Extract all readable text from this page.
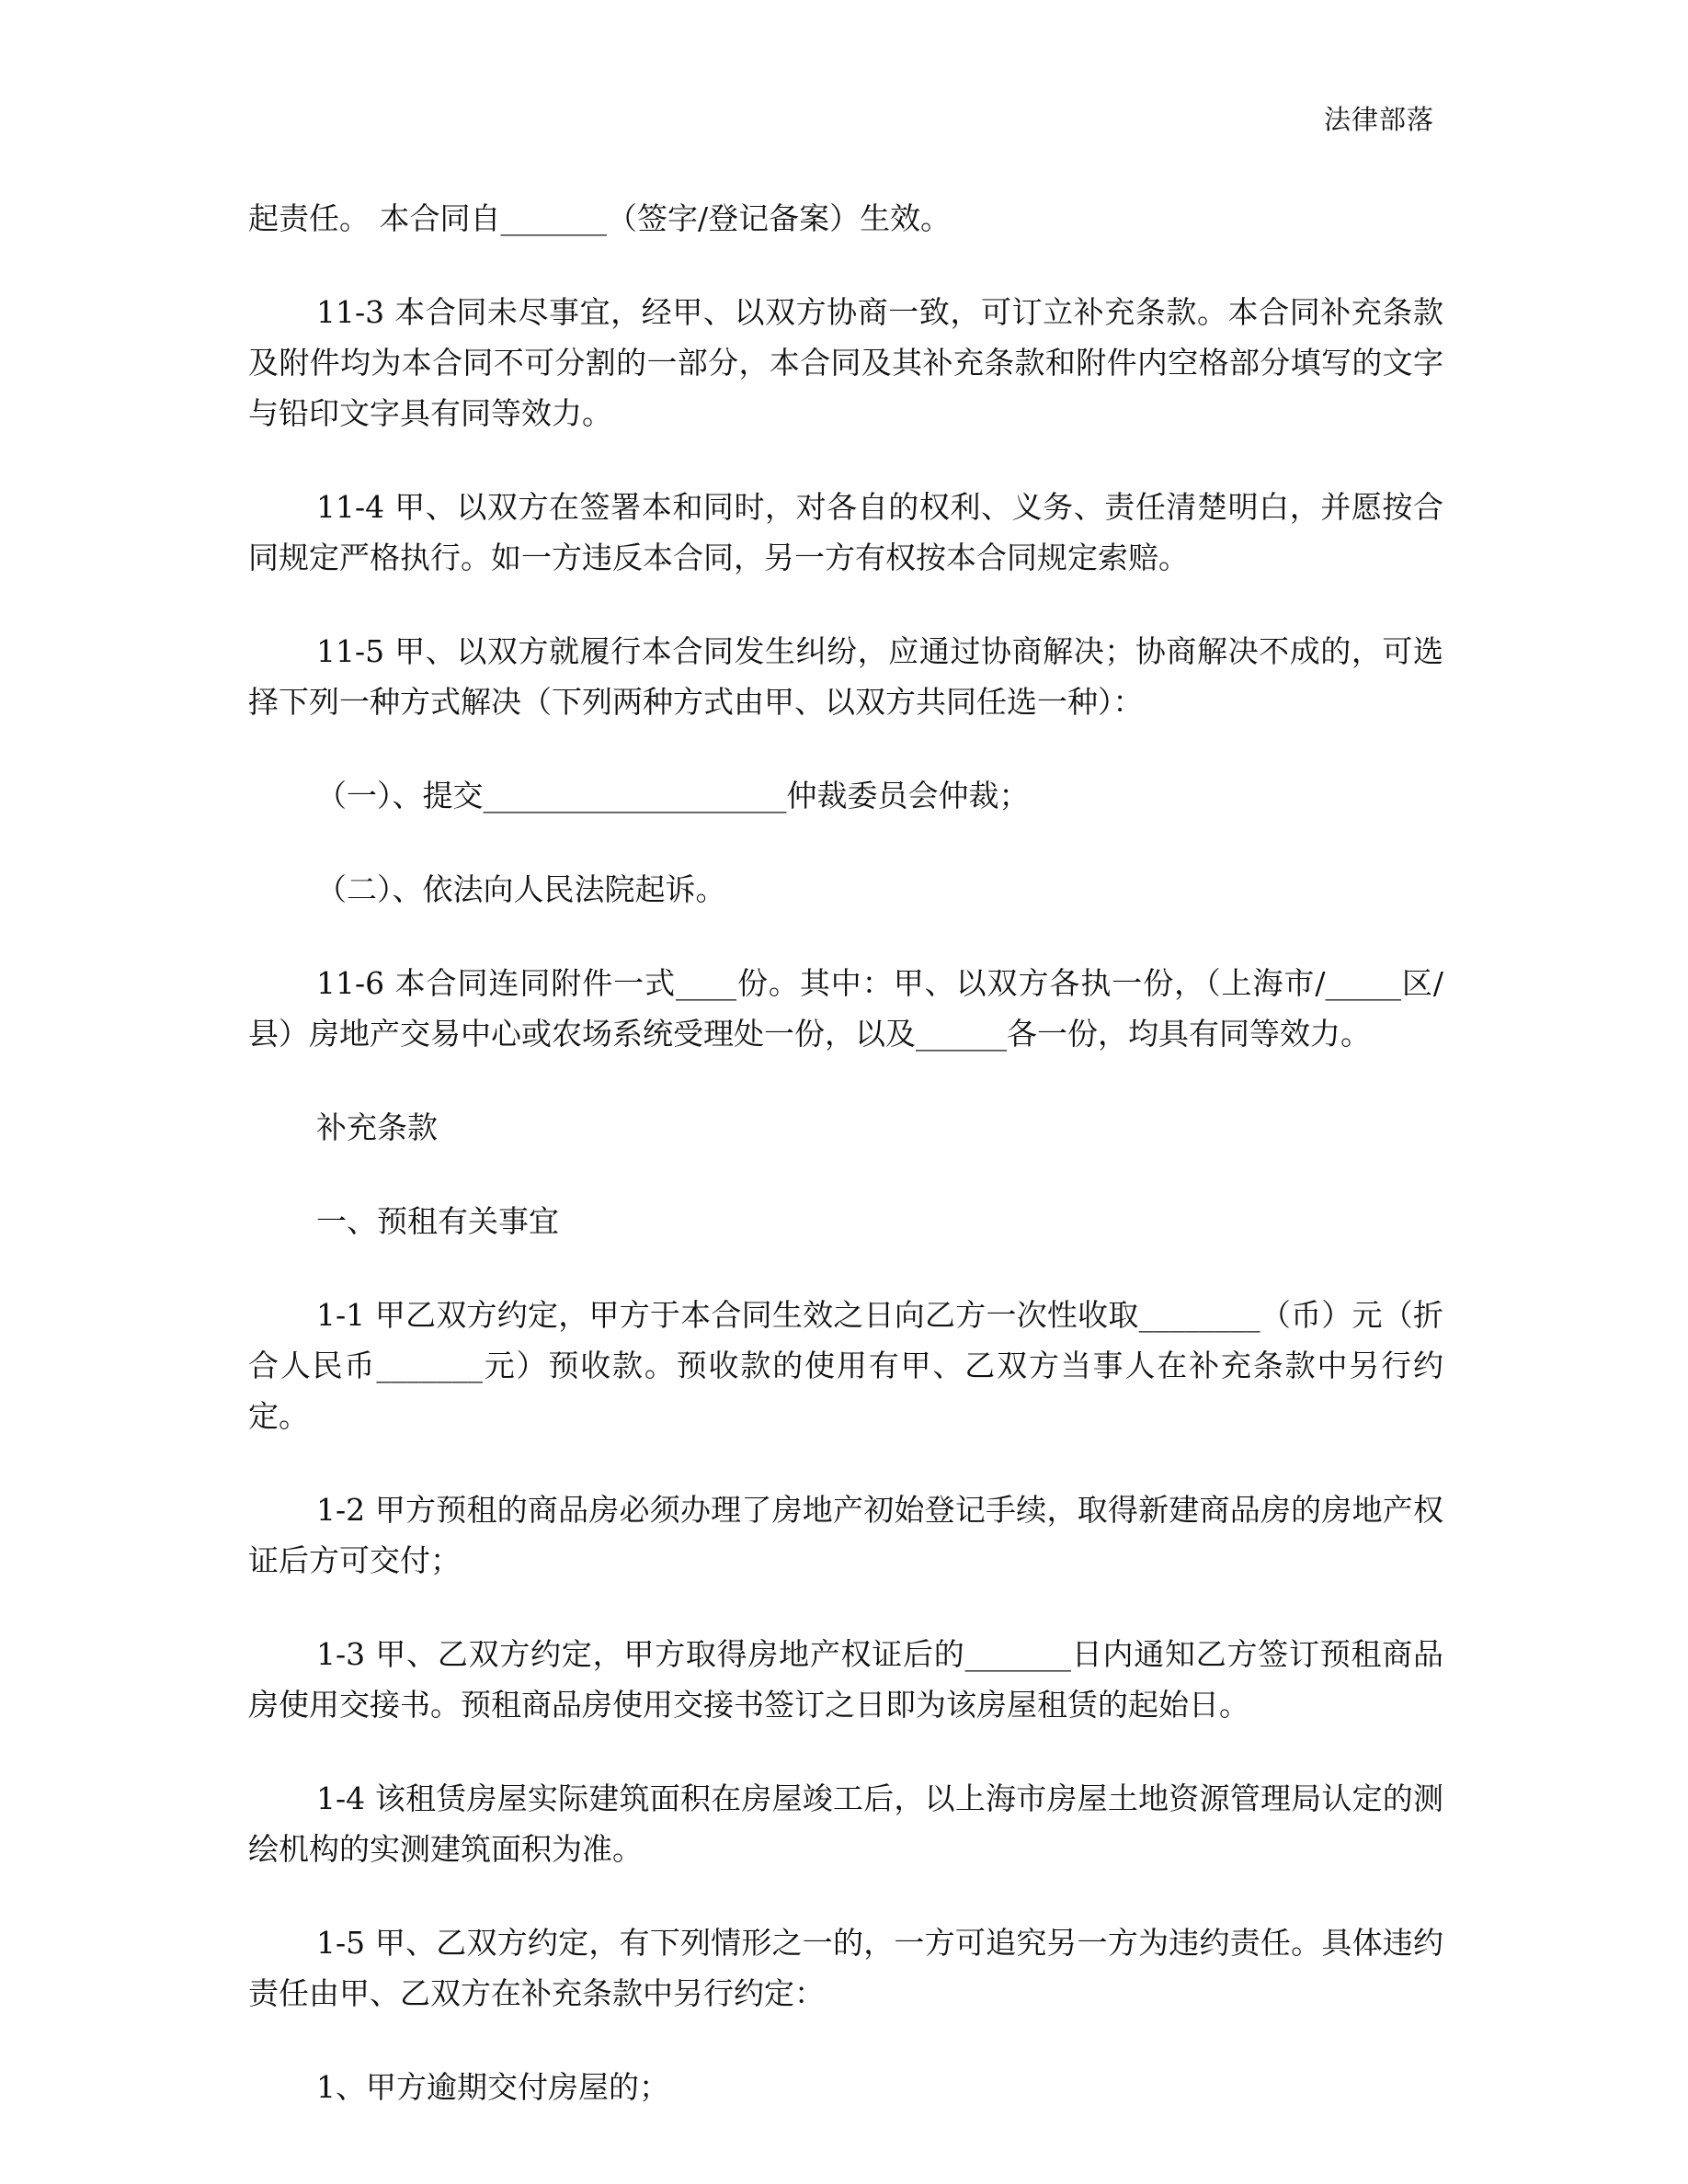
法律部落

起责任。 本合同自_______（签字/登记备案）生效。

11-3 本合同未尽事宜，经甲、以双方协商一致，可订立补充条款。本合同补充条款及附件均为本合同不可分割的一部分，本合同及其补充条款和附件内空格部分填写的文字与铅印文字具有同等效力。

11-4 甲、以双方在签署本和同时，对各自的权利、义务、责任清楚明白，并愿按合同规定严格执行。如一方违反本合同，另一方有权按本合同规定索赔。

11-5 甲、以双方就履行本合同发生纠纷，应通过协商解决；协商解决不成的，可选择下列一种方式解决（下列两种方式由甲、以双方共同任选一种）：

（一）、提交____________________仲裁委员会仲裁；

（二）、依法向人民法院起诉。

11-6 本合同连同附件一式____份。其中：甲、以双方各执一份，（上海市/_____区/县）房地产交易中心或农场系统受理处一份，以及______各一份，均具有同等效力。

补充条款

一、预租有关事宜

1-1 甲乙双方约定，甲方于本合同生效之日向乙方一次性收取________（币）元（折合人民币_______元）预收款。预收款的使用有甲、乙双方当事人在补充条款中另行约定。

1-2 甲方预租的商品房必须办理了房地产初始登记手续，取得新建商品房的房地产权证后方可交付；

1-3 甲、乙双方约定，甲方取得房地产权证后的_______日内通知乙方签订预租商品房使用交接书。预租商品房使用交接书签订之日即为该房屋租赁的起始日。

1-4 该租赁房屋实际建筑面积在房屋竣工后，以上海市房屋土地资源管理局认定的测绘机构的实测建筑面积为准。

1-5 甲、乙双方约定，有下列情形之一的，一方可追究另一方为违约责任。具体违约责任由甲、乙双方在补充条款中另行约定：

1、甲方逾期交付房屋的；
